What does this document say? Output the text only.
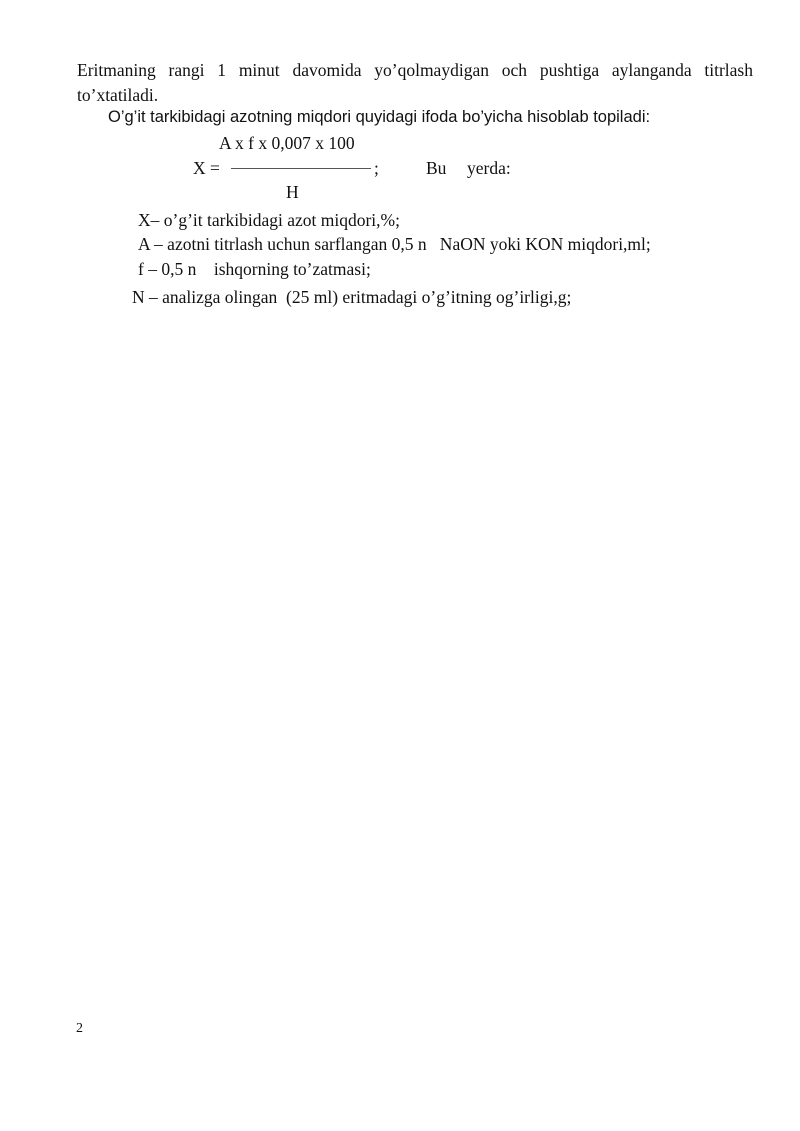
Eritmaning rangi 1 minut davomida yo’qolmaydigan och pushtiga aylanganda titrlash to’xtatiladi.
O’g’it tarkibidagi azotning miqdori quyidagi ifoda bo’yicha hisoblab topiladi:
A x f x 0,007 x 100
X =	;	Bu yerda:
H
X– o’g’it tarkibidagi azot miqdori,%;
A – azotni titrlash uchun sarflangan 0,5 n   NaON yoki KON miqdori,ml;
f – 0,5 n    ishqorning to’zatmasi;
N – analizga olingan  (25 ml) eritmadagi o’g’itning og’irligi,g;
2
